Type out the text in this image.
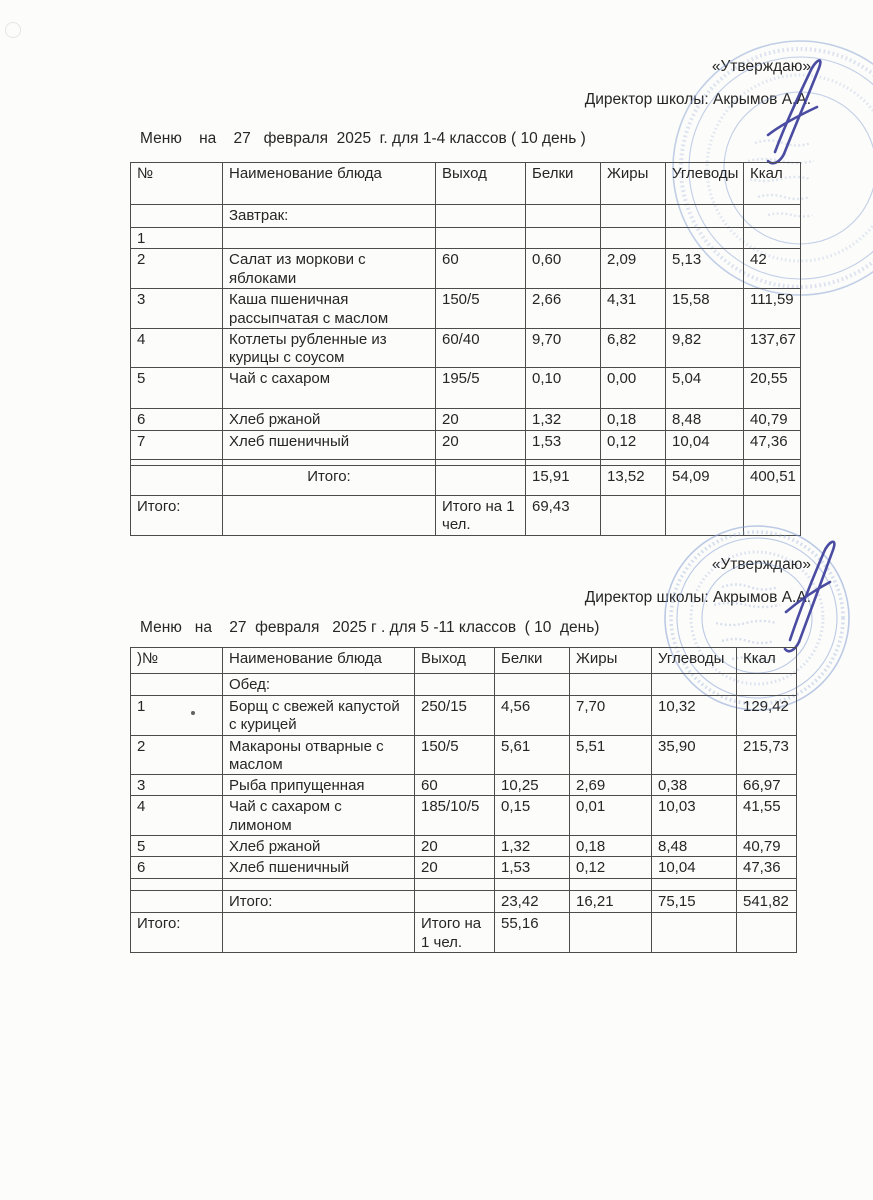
«Утверждаю»
Директор школы: Акрымов А.А.
Меню    на    27   февраля  2025  г. для 1-4 классов ( 10 день )
№	Наименование блюда	Выход	Белки	Жиры	Углеводы	Ккал
	Завтрак:					
1						
2	Салат из моркови с яблоками	60	0,60	2,09	5,13	42
3	Каша пшеничная рассыпчатая с маслом	150/5	2,66	4,31	15,58	111,59
4	Котлеты рубленные из курицы с соусом	60/40	9,70	6,82	9,82	137,67
5	Чай с сахаром	195/5	0,10	0,00	5,04	20,55
6	Хлеб ржаной	20	1,32	0,18	8,48	40,79
7	Хлеб пшеничный	20	1,53	0,12	10,04	47,36

	Итого:		15,91	13,52	54,09	400,51
Итого:		Итого на 1 чел.	69,43			
«Утверждаю»
Директор школы: Акрымов А.А.
Меню   на    27  февраля   2025 г . для 5 -11 классов  ( 10  день)
)№	Наименование блюда	Выход	Белки	Жиры	Углеводы	Ккал
	Обед:					
1	Борщ с свежей капустой с курицей	250/15	4,56	7,70	10,32	129,42
2	Макароны отварные с маслом	150/5	5,61	5,51	35,90	215,73
3	Рыба припущенная	60	10,25	2,69	0,38	66,97
4	Чай с сахаром с лимоном	185/10/5	0,15	0,01	10,03	41,55
5	Хлеб ржаной	20	1,32	0,18	8,48	40,79
6	Хлеб пшеничный	20	1,53	0,12	10,04	47,36

	Итого:		23,42	16,21	75,15	541,82
Итого:		Итого на 1 чел.	55,16			
